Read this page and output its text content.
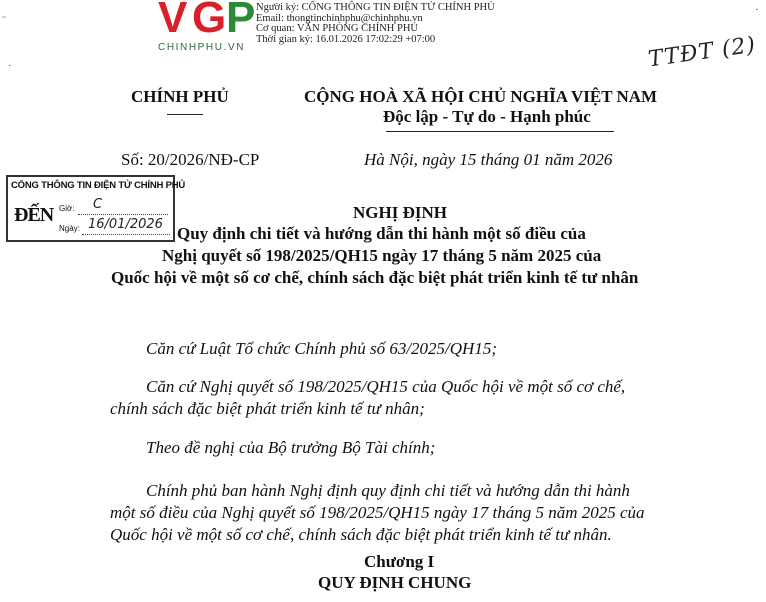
¨
·
·
V G P
CHINHPHU.VN
Người ký: CỔNG THÔNG TIN ĐIỆN TỬ CHÍNH PHỦ
Email: thongtinchinhphu@chinhphu.vn
Cơ quan: VĂN PHÒNG CHÍNH PHỦ
Thời gian ký: 16.01.2026 17:02:29 +07:00	TTĐT (2)
CHÍNH PHỦ	CỘNG HOÀ XÃ HỘI CHỦ NGHĨA VIỆT NAM
Độc lập - Tự do - Hạnh phúc
Số: 20/2026/NĐ-CP	Hà Nội, ngày 15 tháng 01 năm 2026
CỔNG THÔNG TIN ĐIỆN TỬ CHÍNH PHỦ
ĐẾN Giờ: C
Ngày: 16/01/2026
NGHỊ ĐỊNH
Quy định chi tiết và hướng dẫn thi hành một số điều của
Nghị quyết số 198/2025/QH15 ngày 17 tháng 5 năm 2025 của
Quốc hội về một số cơ chế, chính sách đặc biệt phát triển kinh tế tư nhân
Căn cứ Luật Tổ chức Chính phủ số 63/2025/QH15;
Căn cứ Nghị quyết số 198/2025/QH15 của Quốc hội về một số cơ chế,
chính sách đặc biệt phát triển kinh tế tư nhân;
Theo đề nghị của Bộ trưởng Bộ Tài chính;
Chính phủ ban hành Nghị định quy định chi tiết và hướng dẫn thi hành
một số điều của Nghị quyết số 198/2025/QH15 ngày 17 tháng 5 năm 2025 của
Quốc hội về một số cơ chế, chính sách đặc biệt phát triển kinh tế tư nhân.
Chương I
QUY ĐỊNH CHUNG
